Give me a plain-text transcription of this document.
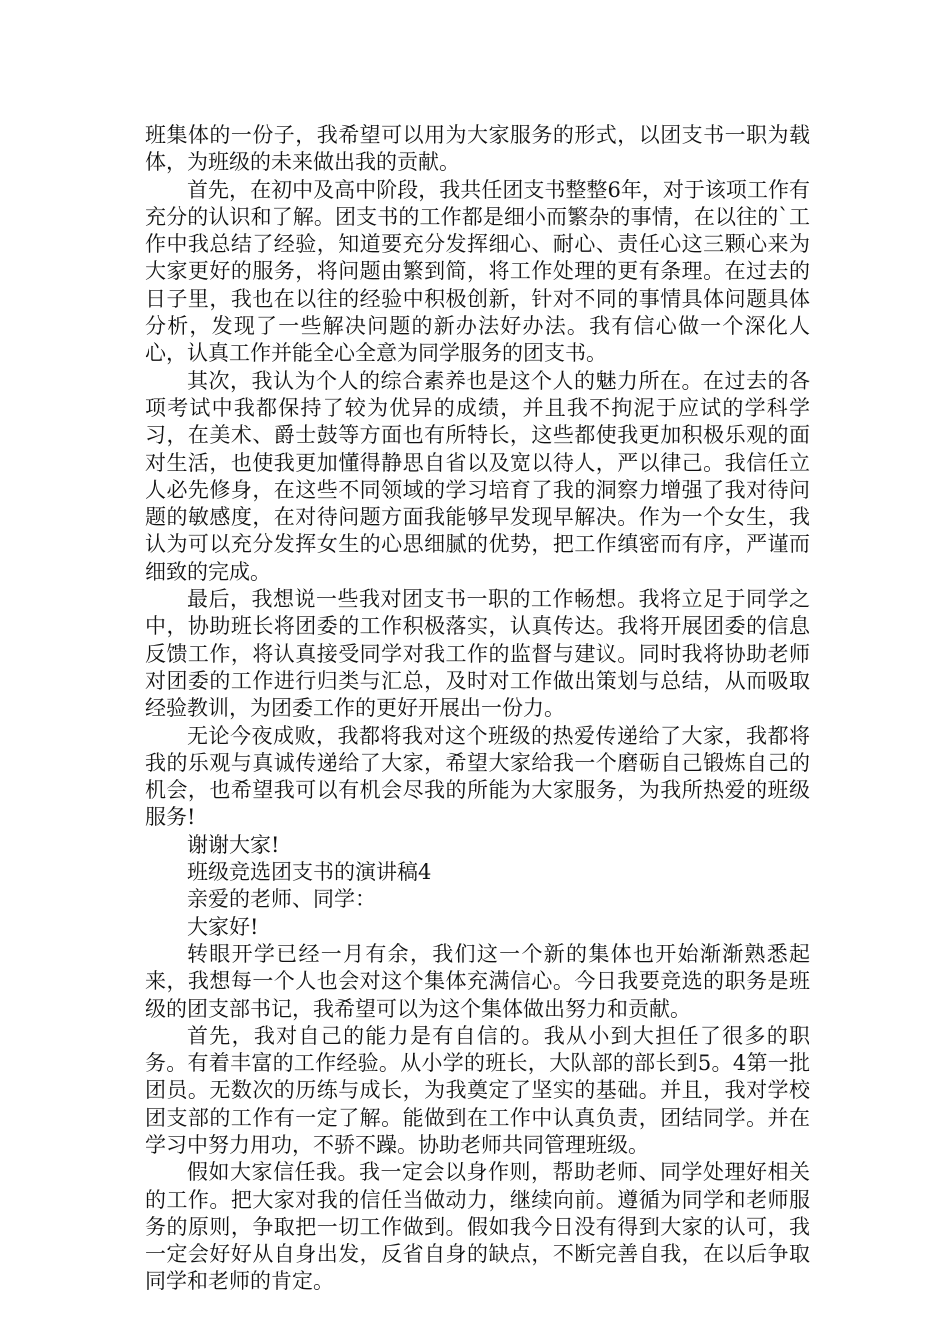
班集体的一份子，我希望可以用为大家服务的形式，以团支书一职为载体，为班级的未来做出我的贡献。

首先，在初中及高中阶段，我共任团支书整整6年，对于该项工作有充分的认识和了解。团支书的工作都是细小而繁杂的事情，在以往的`工作中我总结了经验，知道要充分发挥细心、耐心、责任心这三颗心来为大家更好的服务，将问题由繁到简，将工作处理的更有条理。在过去的日子里，我也在以往的经验中积极创新，针对不同的事情具体问题具体分析，发现了一些解决问题的新办法好办法。我有信心做一个深化人心，认真工作并能全心全意为同学服务的团支书。

其次，我认为个人的综合素养也是这个人的魅力所在。在过去的各项考试中我都保持了较为优异的成绩，并且我不拘泥于应试的学科学习，在美术、爵士鼓等方面也有所特长，这些都使我更加积极乐观的面对生活，也使我更加懂得静思自省以及宽以待人，严以律己。我信任立人必先修身，在这些不同领域的学习培育了我的洞察力增强了我对待问题的敏感度，在对待问题方面我能够早发现早解决。作为一个女生，我认为可以充分发挥女生的心思细腻的优势，把工作缜密而有序，严谨而细致的完成。

最后，我想说一些我对团支书一职的工作畅想。我将立足于同学之中，协助班长将团委的工作积极落实，认真传达。我将开展团委的信息反馈工作，将认真接受同学对我工作的监督与建议。同时我将协助老师对团委的工作进行归类与汇总，及时对工作做出策划与总结，从而吸取经验教训，为团委工作的更好开展出一份力。

无论今夜成败，我都将我对这个班级的热爱传递给了大家，我都将我的乐观与真诚传递给了大家，希望大家给我一个磨砺自己锻炼自己的机会，也希望我可以有机会尽我的所能为大家服务，为我所热爱的班级服务!

谢谢大家!

班级竞选团支书的演讲稿4

亲爱的老师、同学：

大家好!

转眼开学已经一月有余，我们这一个新的集体也开始渐渐熟悉起来，我想每一个人也会对这个集体充满信心。今日我要竞选的职务是班级的团支部书记，我希望可以为这个集体做出努力和贡献。

首先，我对自己的能力是有自信的。我从小到大担任了很多的职务。有着丰富的工作经验。从小学的班长，大队部的部长到5。4第一批团员。无数次的历练与成长，为我奠定了坚实的基础。并且，我对学校团支部的工作有一定了解。能做到在工作中认真负责，团结同学。并在学习中努力用功，不骄不躁。协助老师共同管理班级。

假如大家信任我。我一定会以身作则，帮助老师、同学处理好相关的工作。把大家对我的信任当做动力，继续向前。遵循为同学和老师服务的原则，争取把一切工作做到。假如我今日没有得到大家的认可，我一定会好好从自身出发，反省自身的缺点，不断完善自我，在以后争取同学和老师的肯定。
